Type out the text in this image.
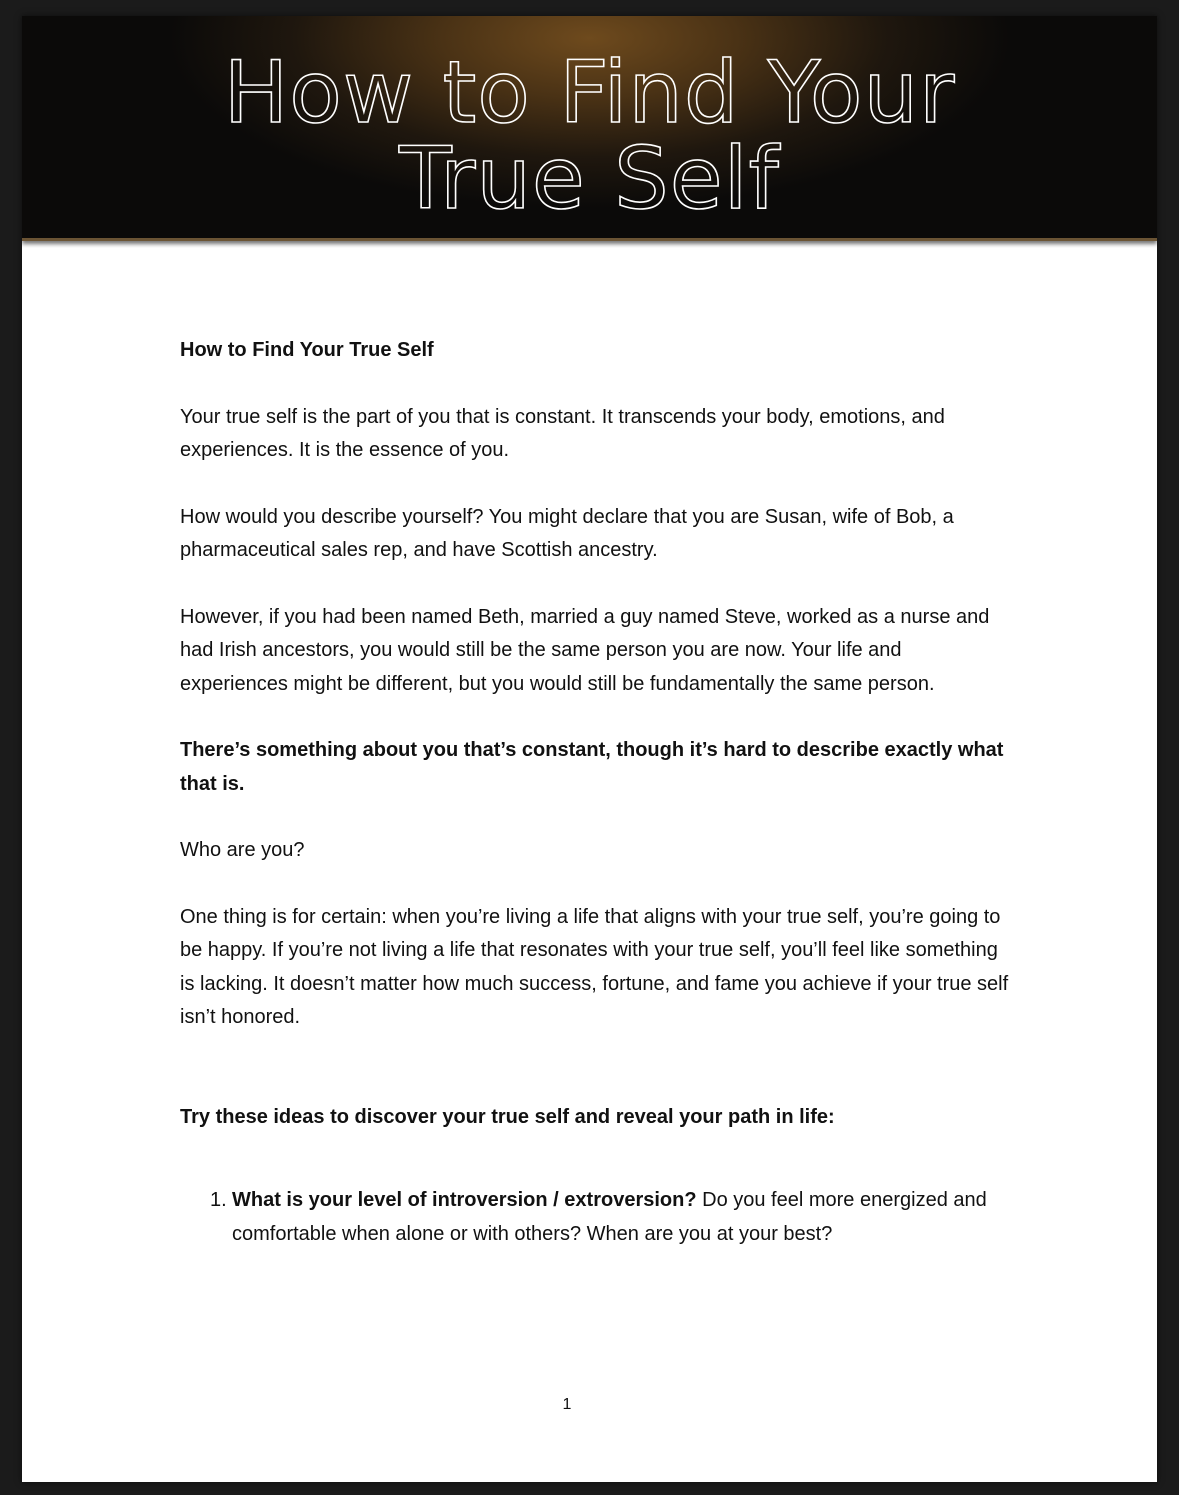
How to Find Your
True Self

How to Find Your True Self

Your true self is the part of you that is constant. It transcends your body, emotions, and experiences. It is the essence of you.

How would you describe yourself? You might declare that you are Susan, wife of Bob, a pharmaceutical sales rep, and have Scottish ancestry.

However, if you had been named Beth, married a guy named Steve, worked as a nurse and had Irish ancestors, you would still be the same person you are now. Your life and experiences might be different, but you would still be fundamentally the same person.

There’s something about you that’s constant, though it’s hard to describe exactly what that is.

Who are you?

One thing is for certain: when you’re living a life that aligns with your true self, you’re going to be happy. If you’re not living a life that resonates with your true self, you’ll feel like something is lacking. It doesn’t matter how much success, fortune, and fame you achieve if your true self isn’t honored.

Try these ideas to discover your true self and reveal your path in life:

1. What is your level of introversion / extroversion? Do you feel more energized and comfortable when alone or with others? When are you at your best?
1
